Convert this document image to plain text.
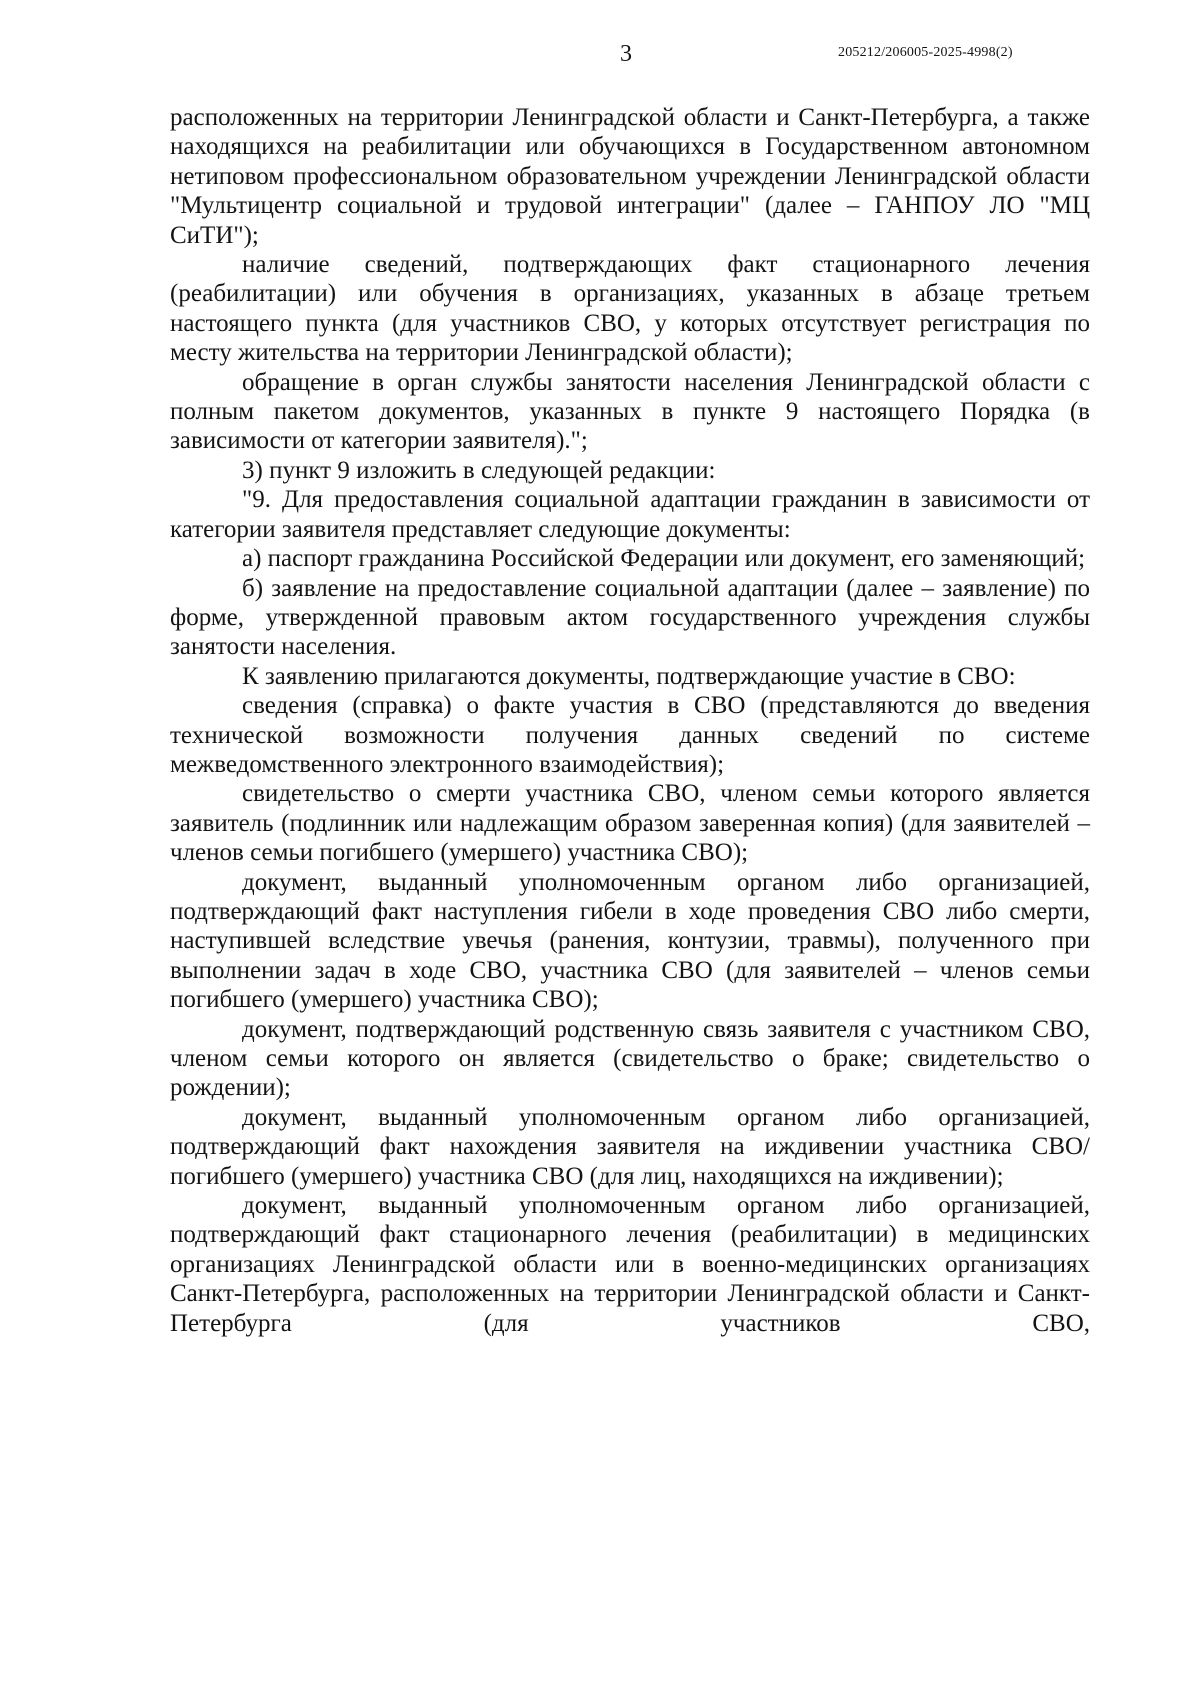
3	205212/206005-2025-4998(2)

расположенных на территории Ленинградской области и Санкт-Петербурга, а также находящихся на реабилитации или обучающихся в Государственном автономном нетиповом профессиональном образовательном учреждении Ленинградской области "Мультицентр социальной и трудовой интеграции" (далее – ГАНПОУ ЛО "МЦ СиТИ");

наличие сведений, подтверждающих факт стационарного лечения (реабилитации) или обучения в организациях, указанных в абзаце третьем настоящего пункта (для участников СВО, у которых отсутствует регистрация по месту жительства на территории Ленинградской области);

обращение в орган службы занятости населения Ленинградской области с полным пакетом документов, указанных в пункте 9 настоящего Порядка (в зависимости от категории заявителя).";

3) пункт 9 изложить в следующей редакции:

"9. Для предоставления социальной адаптации гражданин в зависимости от категории заявителя представляет следующие документы:

а) паспорт гражданина Российской Федерации или документ, его заменяющий;

б) заявление на предоставление социальной адаптации (далее – заявление) по форме, утвержденной правовым актом государственного учреждения службы занятости населения.

К заявлению прилагаются документы, подтверждающие участие в СВО:

сведения (справка) о факте участия в СВО (представляются до введения технической возможности получения данных сведений по системе межведомственного электронного взаимодействия);

свидетельство о смерти участника СВО, членом семьи которого является заявитель (подлинник или надлежащим образом заверенная копия) (для заявителей – членов семьи погибшего (умершего) участника СВО);

документ, выданный уполномоченным органом либо организацией, подтверждающий факт наступления гибели в ходе проведения СВО либо смерти, наступившей вследствие увечья (ранения, контузии, травмы), полученного при выполнении задач в ходе СВО, участника СВО (для заявителей – членов семьи погибшего (умершего) участника СВО);

документ, подтверждающий родственную связь заявителя с участником СВО, членом семьи которого он является (свидетельство о браке; свидетельство о рождении);

документ, выданный уполномоченным органом либо организацией, подтверждающий факт нахождения заявителя на иждивении участника СВО/погибшего (умершего) участника СВО (для лиц, находящихся на иждивении);

документ, выданный уполномоченным органом либо организацией, подтверждающий факт стационарного лечения (реабилитации) в медицинских организациях Ленинградской области или в военно-медицинских организациях Санкт-Петербурга, расположенных на территории Ленинградской области и Санкт-Петербурга (для участников СВО,
